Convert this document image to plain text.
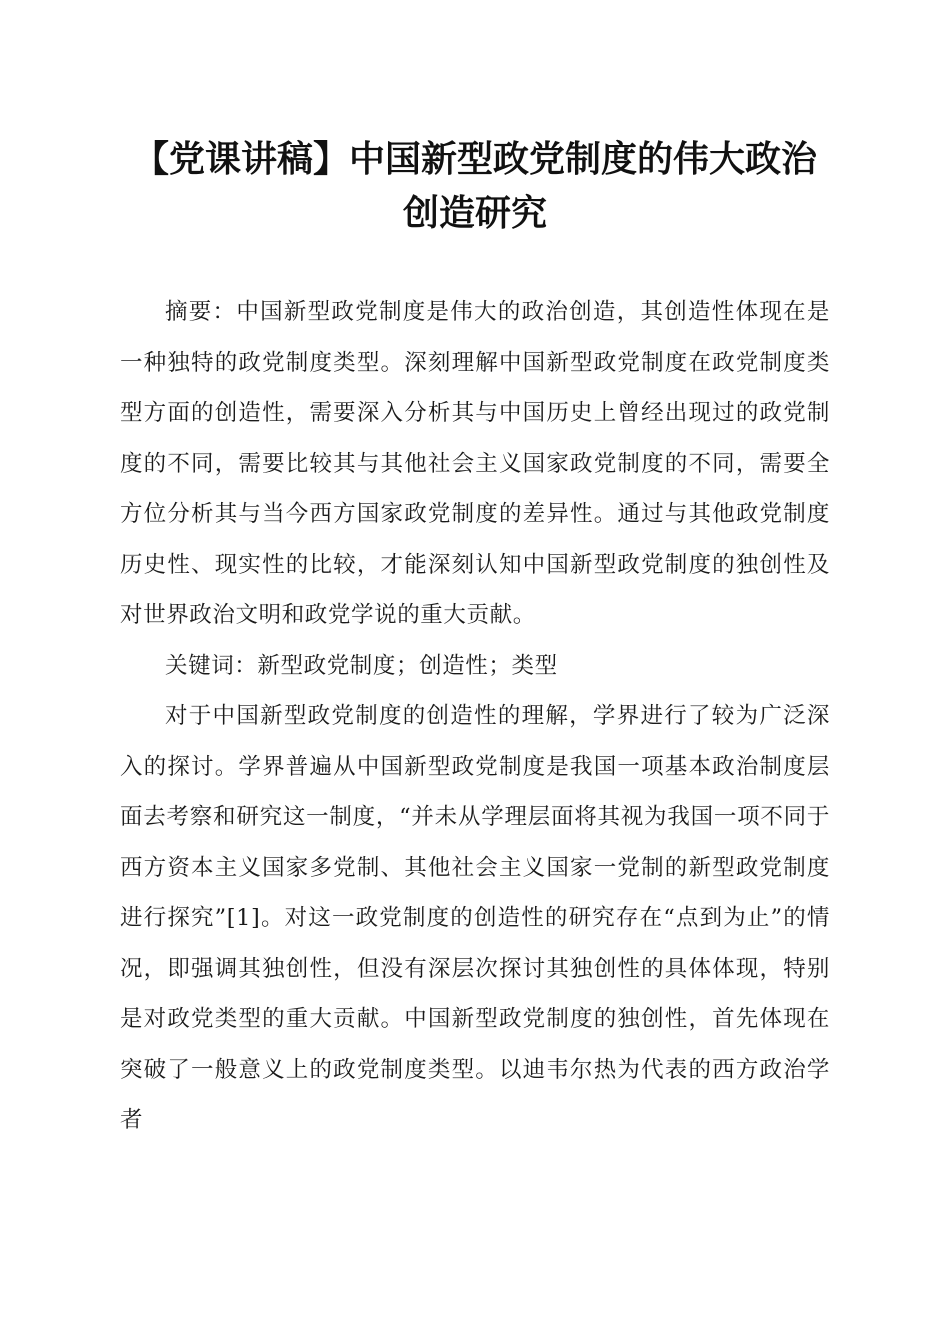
【党课讲稿】中国新型政党制度的伟大政治创造研究

摘要：中国新型政党制度是伟大的政治创造，其创造性体现在是一种独特的政党制度类型。深刻理解中国新型政党制度在政党制度类型方面的创造性，需要深入分析其与中国历史上曾经出现过的政党制度的不同，需要比较其与其他社会主义国家政党制度的不同，需要全方位分析其与当今西方国家政党制度的差异性。通过与其他政党制度历史性、现实性的比较，才能深刻认知中国新型政党制度的独创性及对世界政治文明和政党学说的重大贡献。

关键词：新型政党制度；创造性；类型

对于中国新型政党制度的创造性的理解，学界进行了较为广泛深入的探讨。学界普遍从中国新型政党制度是我国一项基本政治制度层面去考察和研究这一制度，“并未从学理层面将其视为我国一项不同于西方资本主义国家多党制、其他社会主义国家一党制的新型政党制度进行探究”[1]。对这一政党制度的创造性的研究存在“点到为止”的情况，即强调其独创性，但没有深层次探讨其独创性的具体体现，特别是对政党类型的重大贡献。中国新型政党制度的独创性，首先体现在突破了一般意义上的政党制度类型。以迪韦尔热为代表的西方政治学者
